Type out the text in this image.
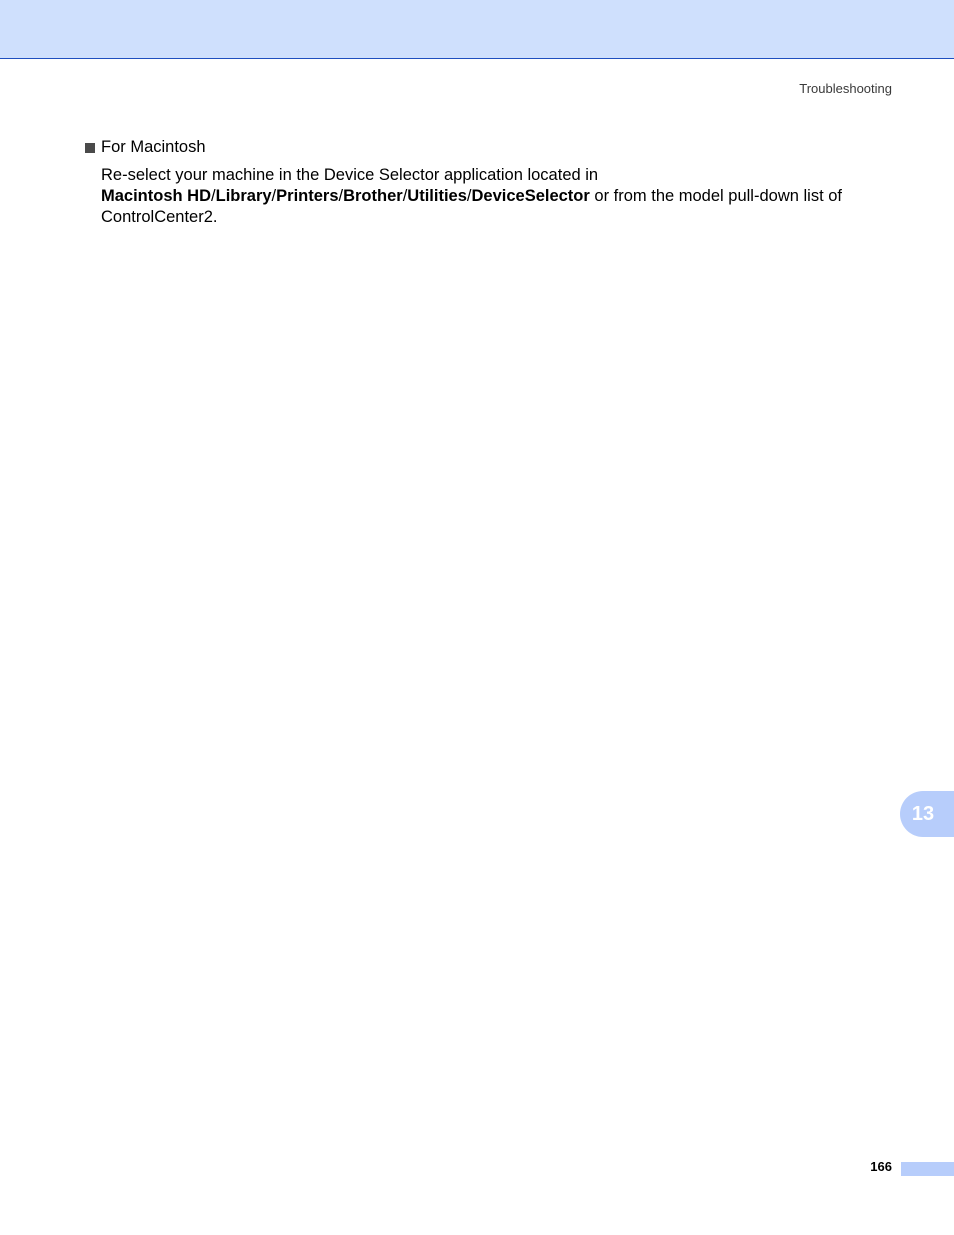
Troubleshooting
For Macintosh
Re-select your machine in the Device Selector application located in
Macintosh HD/Library/Printers/Brother/Utilities/DeviceSelector or from the model pull-down list of ControlCenter2.
13
166
